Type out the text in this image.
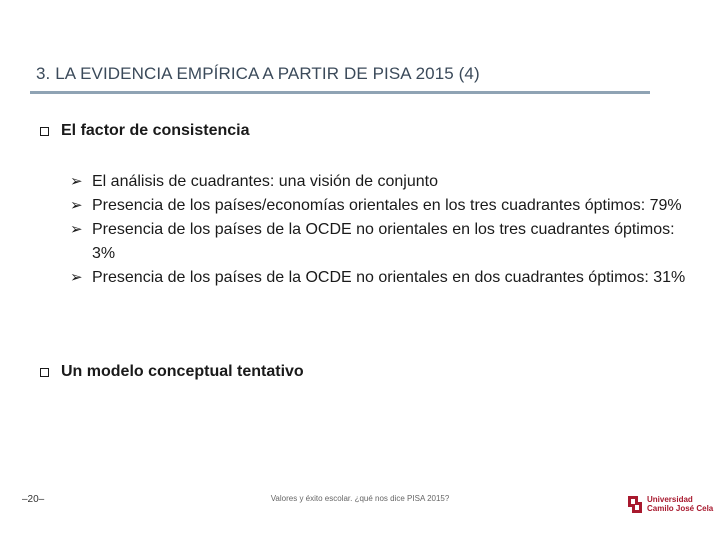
3. LA EVIDENCIA EMPÍRICA A PARTIR DE PISA 2015 (4)
El factor de consistencia
➢ El análisis de cuadrantes: una visión de conjunto
➢ Presencia de los países/economías orientales en los tres cuadrantes óptimos: 79%
➢ Presencia de los países de la OCDE no orientales en los tres cuadrantes óptimos: 3%
➢ Presencia de los países de la OCDE no orientales en dos cuadrantes óptimos: 31%
Un modelo conceptual tentativo
–20–	Valores y éxito escolar. ¿qué nos dice PISA 2015?	Universidad
Camilo José Cela
